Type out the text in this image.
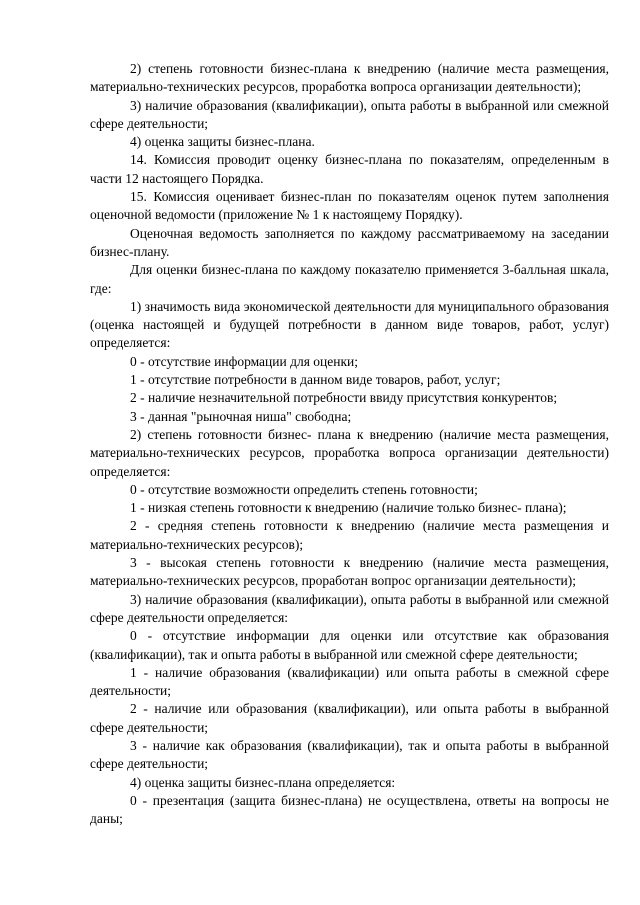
2) степень готовности бизнес-плана к внедрению (наличие места размещения, материально-технических ресурсов, проработка вопроса организации деятельности);

3) наличие образования (квалификации), опыта работы в выбранной или смежной сфере деятельности;

4) оценка защиты бизнес-плана.

14. Комиссия проводит оценку бизнес-плана по показателям, определенным в части 12 настоящего Порядка.

15. Комиссия оценивает бизнес-план по показателям оценок путем заполнения оценочной ведомости (приложение № 1 к настоящему Порядку).

Оценочная ведомость заполняется по каждому рассматриваемому на заседании бизнес-плану.

Для оценки бизнес-плана по каждому показателю применяется 3-балльная шкала, где:

1) значимость вида экономической деятельности для муниципального образования (оценка настоящей и будущей потребности в данном виде товаров, работ, услуг) определяется:

0 - отсутствие информации для оценки;

1 - отсутствие потребности в данном виде товаров, работ, услуг;

2 - наличие незначительной потребности ввиду присутствия конкурентов;

3 - данная "рыночная ниша" свободна;

2) степень готовности бизнес- плана к внедрению (наличие места размещения, материально-технических ресурсов, проработка вопроса организации деятельности) определяется:

0 - отсутствие возможности определить степень готовности;

1 - низкая степень готовности к внедрению (наличие только бизнес- плана);

2 - средняя степень готовности к внедрению (наличие места размещения и материально-технических ресурсов);

3 - высокая степень готовности к внедрению (наличие места размещения, материально-технических ресурсов, проработан вопрос организации деятельности);

3) наличие образования (квалификации), опыта работы в выбранной или смежной сфере деятельности определяется:

0 - отсутствие информации для оценки или отсутствие как образования (квалификации), так и опыта работы в выбранной или смежной сфере деятельности;

1 - наличие образования (квалификации) или опыта работы в смежной сфере деятельности;

2 - наличие или образования (квалификации), или опыта работы в выбранной сфере деятельности;

3 - наличие как образования (квалификации), так и опыта работы в выбранной сфере деятельности;

4) оценка защиты бизнес-плана определяется:

0 - презентация (защита бизнес-плана) не осуществлена, ответы на вопросы не даны;
